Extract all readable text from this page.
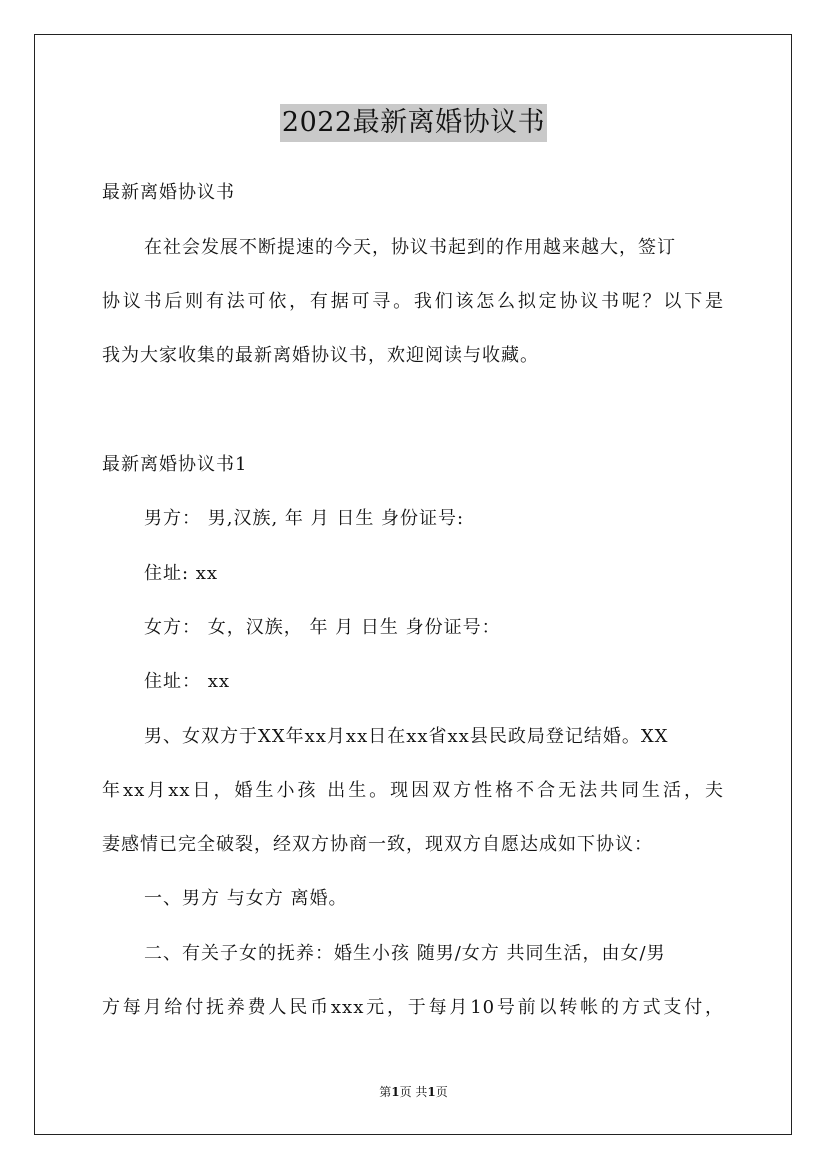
2022最新离婚协议书
最新离婚协议书
在社会发展不断提速的今天，协议书起到的作用越来越大，签订
协议书后则有法可依，有据可寻。我们该怎么拟定协议书呢？以下是
我为大家收集的最新离婚协议书，欢迎阅读与收藏。
最新离婚协议书1
男方： 男,汉族, 年 月 日生 身份证号:
住址: xx
女方： 女，汉族， 年 月 日生 身份证号：
住址： xx
男、女双方于XX年xx月xx日在xx省xx县民政局登记结婚。XX
年xx月xx日，婚生小孩 出生。现因双方性格不合无法共同生活，夫
妻感情已完全破裂，经双方协商一致，现双方自愿达成如下协议：
一、男方 与女方 离婚。
二、有关子女的抚养：婚生小孩 随男/女方 共同生活，由女/男
方每月给付抚养费人民币xxx元，于每月10号前以转帐的方式支付，
第1页 共1页
